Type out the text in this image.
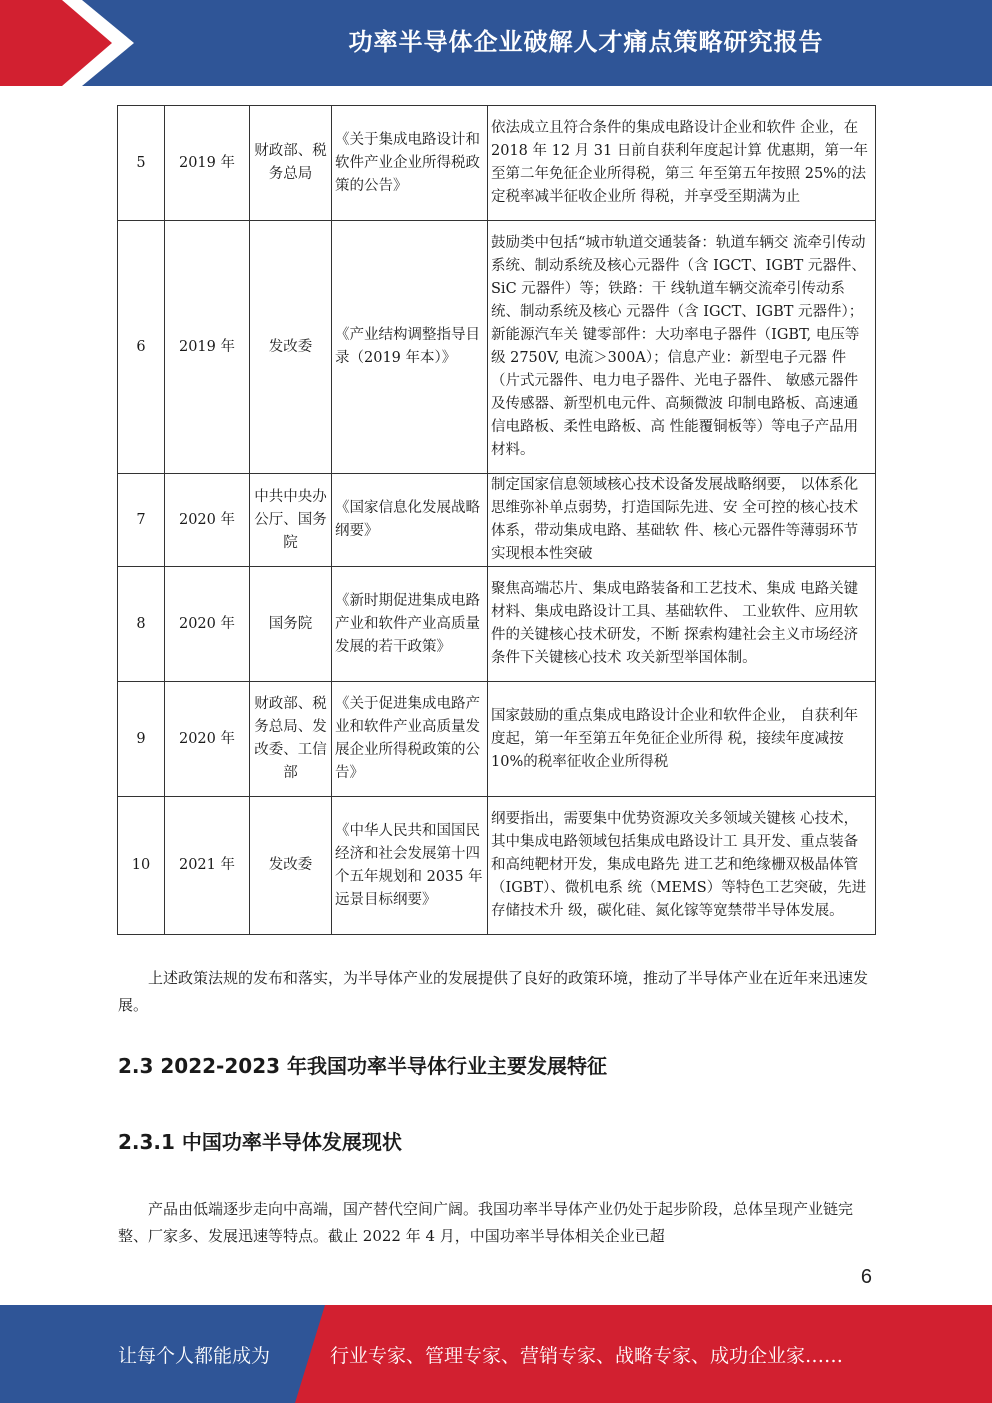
功率半导体企业破解人才痛点策略研究报告
5	2019 年	财政部、税务总局	《关于集成电路设计和软件产业企业所得税政策的公告》	依法成立且符合条件的集成电路设计企业和软件 企业，在 2018 年 12 月 31 日前自获利年度起计算 优惠期，第一年至第二年免征企业所得税，第三 年至第五年按照 25%的法定税率减半征收企业所 得税，并享受至期满为止
6	2019 年	发改委	《产业结构调整指导目录（2019 年本）》	鼓励类中包括“城市轨道交通装备：轨道车辆交 流牵引传动系统、制动系统及核心元器件（含 IGCT、IGBT 元器件、SiC 元器件）等；铁路：干 线轨道车辆交流牵引传动系统、制动系统及核心 元器件（含 IGCT、IGBT 元器件）；新能源汽车关 键零部件：大功率电子器件（IGBT, 电压等级 2750V, 电流＞300A）；信息产业：新型电子元器 件（片式元器件、电力电子器件、光电子器件、 敏感元器件及传感器、新型机电元件、高频微波 印制电路板、高速通信电路板、柔性电路板、高 性能覆铜板等）等电子产品用材料。
7	2020 年	中共中央办公厅、国务院	《国家信息化发展战略纲要》	制定国家信息领域核心技术设备发展战略纲要， 以体系化思维弥补单点弱势，打造国际先进、安 全可控的核心技术体系，带动集成电路、基础软 件、核心元器件等薄弱环节实现根本性突破
8	2020 年	国务院	《新时期促进集成电路产业和软件产业高质量发展的若干政策》	聚焦高端芯片、集成电路装备和工艺技术、集成 电路关键材料、集成电路设计工具、基础软件、 工业软件、应用软件的关键核心技术研发，不断 探索构建社会主义市场经济条件下关键核心技术 攻关新型举国体制。
9	2020 年	财政部、税务总局、发改委、工信部	《关于促进集成电路产业和软件产业高质量发展企业所得税政策的公告》	国家鼓励的重点集成电路设计企业和软件企业， 自获利年度起，第一年至第五年免征企业所得 税，接续年度减按 10%的税率征收企业所得税
10	2021 年	发改委	《中华人民共和国国民经济和社会发展第十四个五年规划和 2035 年远景目标纲要》	纲要指出，需要集中优势资源攻关多领域关键核 心技术，其中集成电路领域包括集成电路设计工 具开发、重点装备和高纯靶材开发，集成电路先 进工艺和绝缘栅双极晶体管（IGBT）、微机电系 统（MEMS）等特色工艺突破，先进存储技术升 级，碳化硅、氮化镓等宽禁带半导体发展。

上述政策法规的发布和落实，为半导体产业的发展提供了良好的政策环境，推动了半导体产业在近年来迅速发展。

2.3 2022-2023 年我国功率半导体行业主要发展特征
2.3.1 中国功率半导体发展现状

产品由低端逐步走向中高端，国产替代空间广阔。我国功率半导体产业仍处于起步阶段，总体呈现产业链完整、厂家多、发展迅速等特点。截止 2022 年 4 月，中国功率半导体相关企业已超

6
让每个人都能成为	行业专家、管理专家、营销专家、战略专家、成功企业家……
